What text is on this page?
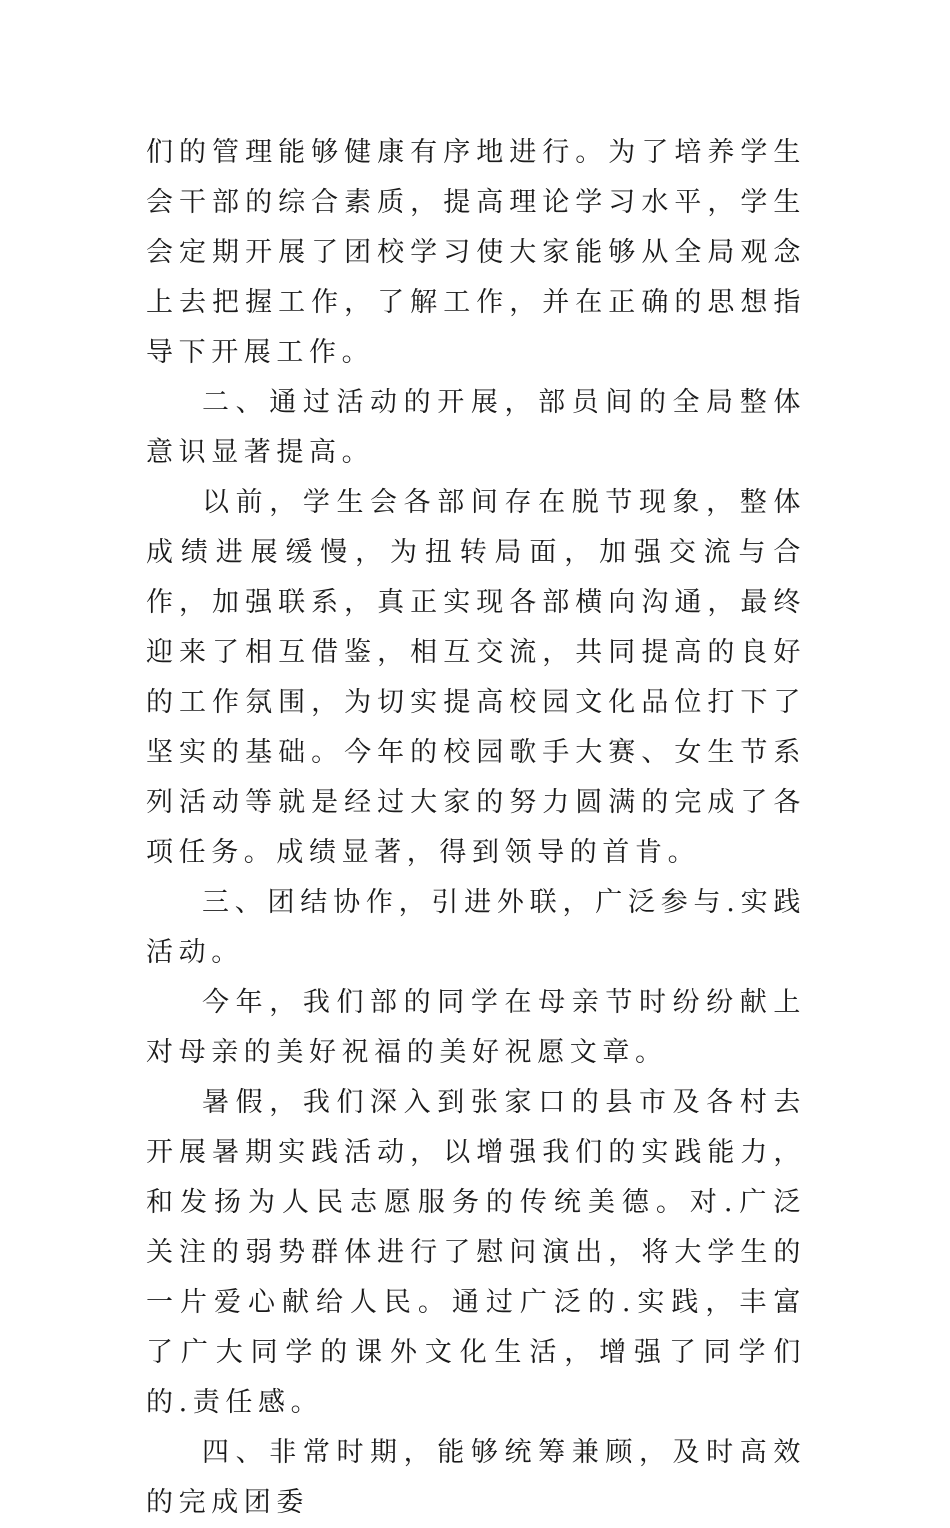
们的管理能够健康有序地进行。为了培养学生会干部的综合素质，提高理论学习水平，学生会定期开展了团校学习使大家能够从全局观念上去把握工作，了解工作，并在正确的思想指导下开展工作。

二、通过活动的开展，部员间的全局整体意识显著提高。

以前，学生会各部间存在脱节现象，整体成绩进展缓慢，为扭转局面，加强交流与合作，加强联系，真正实现各部横向沟通，最终迎来了相互借鉴，相互交流，共同提高的良好的工作氛围，为切实提高校园文化品位打下了坚实的基础。今年的校园歌手大赛、女生节系列活动等就是经过大家的努力圆满的完成了各项任务。成绩显著，得到领导的首肯。

三、团结协作，引进外联，广泛参与.实践活动。

今年，我们部的同学在母亲节时纷纷献上对母亲的美好祝福的美好祝愿文章。

暑假，我们深入到张家口的县市及各村去开展暑期实践活动，以增强我们的实践能力，和发扬为人民志愿服务的传统美德。对.广泛关注的弱势群体进行了慰问演出，将大学生的一片爱心献给人民。通过广泛的.实践，丰富了广大同学的课外文化生活，增强了同学们的.责任感。

四、非常时期，能够统筹兼顾，及时高效的完成团委
